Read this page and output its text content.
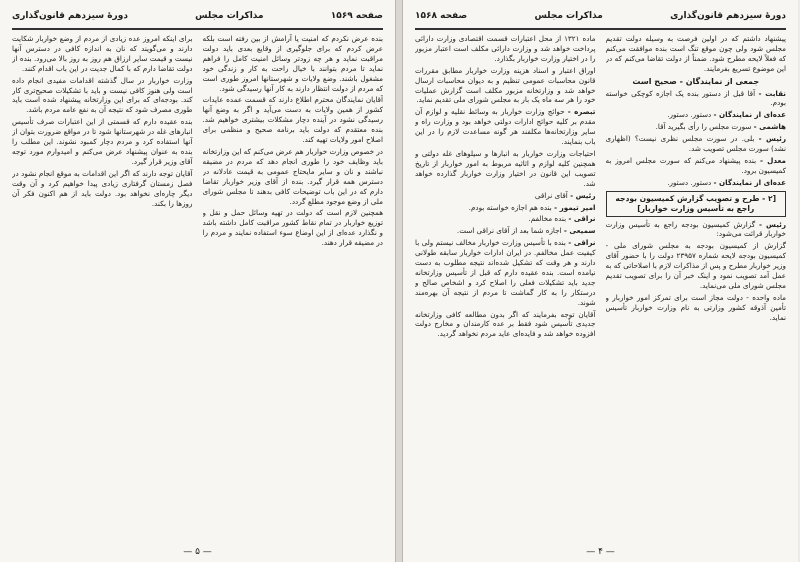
صفحه ۱۵۶۹
مذاکرات مجلس
دورهٔ سیزدهم قانون‌گذاری

بنده عرض نکردم که امنیت یا آرامش از بین رفته است بلکه عرض کردم که برای جلوگیری از وقایع بعدی باید دولت مراقبت نماید و هر چه زودتر وسائل امنیت کامل را فراهم نماید تا مردم بتوانند با خیال راحت به کار و زندگی خود مشغول باشند. وضع ولایات و شهرستانها امروز طوری است که مردم از دولت انتظار دارند به کار آنها رسیدگی شود.

آقایان نمایندگان محترم اطلاع دارند که قسمت عمده عایدات کشور از همین ولایات به دست می‌آید و اگر به وضع آنها رسیدگی نشود در آینده دچار مشکلات بیشتری خواهیم شد. بنده معتقدم که دولت باید برنامه صحیح و منظمی برای اصلاح امور ولایات تهیه کند.

در خصوص وزارت خواربار هم عرض می‌کنم که این وزارتخانه باید وظایف خود را طوری انجام دهد که مردم در مضیقه نباشند و نان و سایر مایحتاج عمومی به قیمت عادلانه در دسترس همه قرار گیرد. بنده از آقای وزیر خواربار تقاضا دارم که در این باب توضیحات کافی بدهند تا مجلس شورای ملی از وضع موجود مطلع گردد.

همچنین لازم است که دولت در تهیه وسائل حمل و نقل و توزیع خواربار در تمام نقاط کشور مراقبت کامل داشته باشد و نگذارد عده‌ای از این اوضاع سوء استفاده نمایند و مردم را در مضیقه قرار دهند.

برای اینکه امروز عده زیادی از مردم از وضع خواربار شکایت دارند و می‌گویند که نان به اندازه کافی در دسترس آنها نیست و قیمت سایر ارزاق هم روز به روز بالا می‌رود. بنده از دولت تقاضا دارم که با کمال جدیت در این باب اقدام کنند.

وزارت خواربار در سال گذشته اقدامات مفیدی انجام داده است ولی هنوز کافی نیست و باید با تشکیلات صحیح‌تری کار کند. بودجه‌ای که برای این وزارتخانه پیشنهاد شده است باید طوری مصرف شود که نتیجه آن به نفع عامه مردم باشد.

بنده عقیده دارم که قسمتی از این اعتبارات صرف تأسیس انبارهای غله در شهرستانها شود تا در مواقع ضرورت بتوان از آنها استفاده کرد و مردم دچار کمبود نشوند. این مطلب را بنده به عنوان پیشنهاد عرض می‌کنم و امیدوارم مورد توجه آقای وزیر قرار گیرد.

آقایان توجه دارند که اگر این اقدامات به موقع انجام نشود در فصل زمستان گرفتاری زیادی پیدا خواهیم کرد و آن وقت دیگر چاره‌ای نخواهد بود. دولت باید از هم اکنون فکر آن روزها را بکند.

— ۵ —
دورهٔ سیزدهم قانون‌گذاری
مذاکرات مجلس
صفحه ۱۵۶۸

پیشنهاد داشتم که در اولین فرصت به وسیله دولت تقدیم مجلس شود ولی چون موقع تنگ است بنده موافقت می‌کنم که فعلاً لایحه مطرح شود. ضمناً از دولت تقاضا می‌کنم که در این موضوع تسریع بفرمایند.

جمعی از نمایندگان - صحیح است

نقابت - آقا قبل از دستور بنده یک اجازه کوچکی خواسته بودم.

عده‌ای از نمایندگان - دستور. دستور.

هاشمی - سورت مجلس را رأی بگیرید آقا.

رئیس - بلی. در سورت مجلس نظری نیست؟ (اظهاری نشد) سورت مجلس تصویب شد.

معدل - بنده پیشنهاد می‌کنم که سورت مجلس امروز به کمیسیون برود.

عده‌ای از نمایندگان - دستور. دستور.

[۲ - طرح و تصویب گزارش کمیسیون بودجه راجع به تأسیس وزارت خواربار]

رئیس - گزارش کمیسیون بودجه راجع به تأسیس وزارت خواربار قرائت می‌شود:

گزارش از کمیسیون بودجه به مجلس شورای ملی - کمیسیون بودجه لایحه شماره ۲۳۹۵۷ دولت را با حضور آقای وزیر خواربار مطرح و پس از مذاکرات لازم با اصلاحاتی که به عمل آمد تصویب نمود و اینک خبر آن را برای تصویب تقدیم مجلس شورای ملی می‌نماید.

ماده واحده - دولت مجاز است برای تمرکز امور خواربار و تأمین آذوقه کشور وزارتی به نام وزارت خواربار تأسیس نماید.

ماده ۱۳۲۱ از محل اعتبارات قسمت اقتصادی وزارت دارائی پرداخت خواهد شد و وزارت دارائی مکلف است اعتبار مزبور را در اختیار وزارت خواربار بگذارد.

اوراق اعتبار و اسناد هزینه وزارت خواربار مطابق مقررات قانون محاسبات عمومی تنظیم و به دیوان محاسبات ارسال خواهد شد و وزارتخانه مزبور مکلف است گزارش عملیات خود را هر سه ماه یک بار به مجلس شورای ملی تقدیم نماید.

تبصره - حوائج وزارت خواربار به وسائط نقلیه و لوازم آن مقدم بر کلیه حوائج ادارات دولتی خواهد بود و وزارت راه و سایر وزارتخانه‌ها مکلفند هر گونه مساعدت لازم را در این باب بنمایند.

احتیاجات وزارت خواربار به انبارها و سیلوهای غله دولتی و همچنین کلیه لوازم و اثاثیه مربوط به امور خواربار از تاریخ تصویب این قانون در اختیار وزارت خواربار گذارده خواهد شد.

رئیس - آقای نراقی

امیر تیمور - بنده هم اجازه خواسته بودم.

نراقی - بنده مخالفم.

سمیعی - اجازه شما بعد از آقای نراقی است.

نراقی - بنده با تأسیس وزارت خواربار مخالف نیستم ولی با کیفیت عمل مخالفم. در ایران ادارات خواربار سابقه طولانی دارند و هر وقت که تشکیل شده‌اند نتیجه مطلوب به دست نیامده است. بنده عقیده دارم که قبل از تأسیس وزارتخانه جدید باید تشکیلات فعلی را اصلاح کرد و اشخاص صالح و درستکار را به کار گماشت تا مردم از نتیجه آن بهره‌مند شوند.

آقایان توجه بفرمایند که اگر بدون مطالعه کافی وزارتخانه جدیدی تأسیس شود فقط بر عده کارمندان و مخارج دولت افزوده خواهد شد و فایده‌ای عاید مردم نخواهد گردید.

— ۴ —
